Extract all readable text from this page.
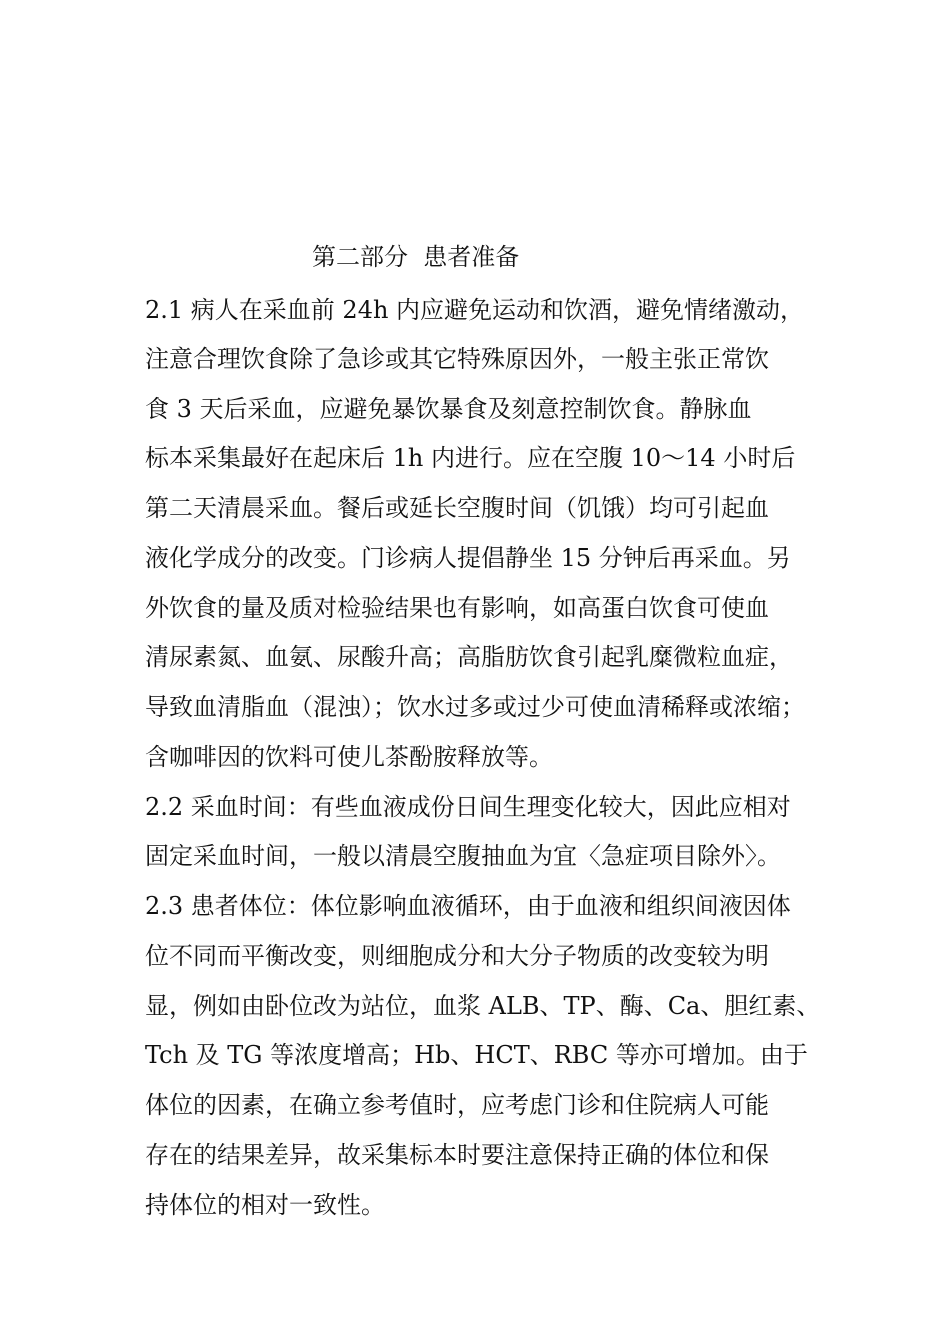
第二部分  患者准备
2.1 病人在采血前 24h 内应避免运动和饮酒，避免情绪激动，
注意合理饮食除了急诊或其它特殊原因外，一般主张正常饮
食 3 天后采血，应避免暴饮暴食及刻意控制饮食。静脉血
标本采集最好在起床后 1h 内进行。应在空腹 10～14 小时后
第二天清晨采血。餐后或延长空腹时间（饥饿）均可引起血
液化学成分的改变。门诊病人提倡静坐 15 分钟后再采血。另
外饮食的量及质对检验结果也有影响，如高蛋白饮食可使血
清尿素氮、血氨、尿酸升高；高脂肪饮食引起乳糜微粒血症，
导致血清脂血（混浊）；饮水过多或过少可使血清稀释或浓缩；
含咖啡因的饮料可使儿茶酚胺释放等。
2.2 采血时间：有些血液成份日间生理变化较大，因此应相对
固定采血时间，一般以清晨空腹抽血为宜〈急症项目除外〉。
2.3 患者体位：体位影响血液循环，由于血液和组织间液因体
位不同而平衡改变，则细胞成分和大分子物质的改变较为明
显，例如由卧位改为站位，血浆 ALB、TP、酶、Ca、胆红素、
Tch 及 TG 等浓度增高；Hb、HCT、RBC 等亦可增加。由于
体位的因素，在确立参考值时，应考虑门诊和住院病人可能
存在的结果差异，故采集标本时要注意保持正确的体位和保
持体位的相对一致性。
